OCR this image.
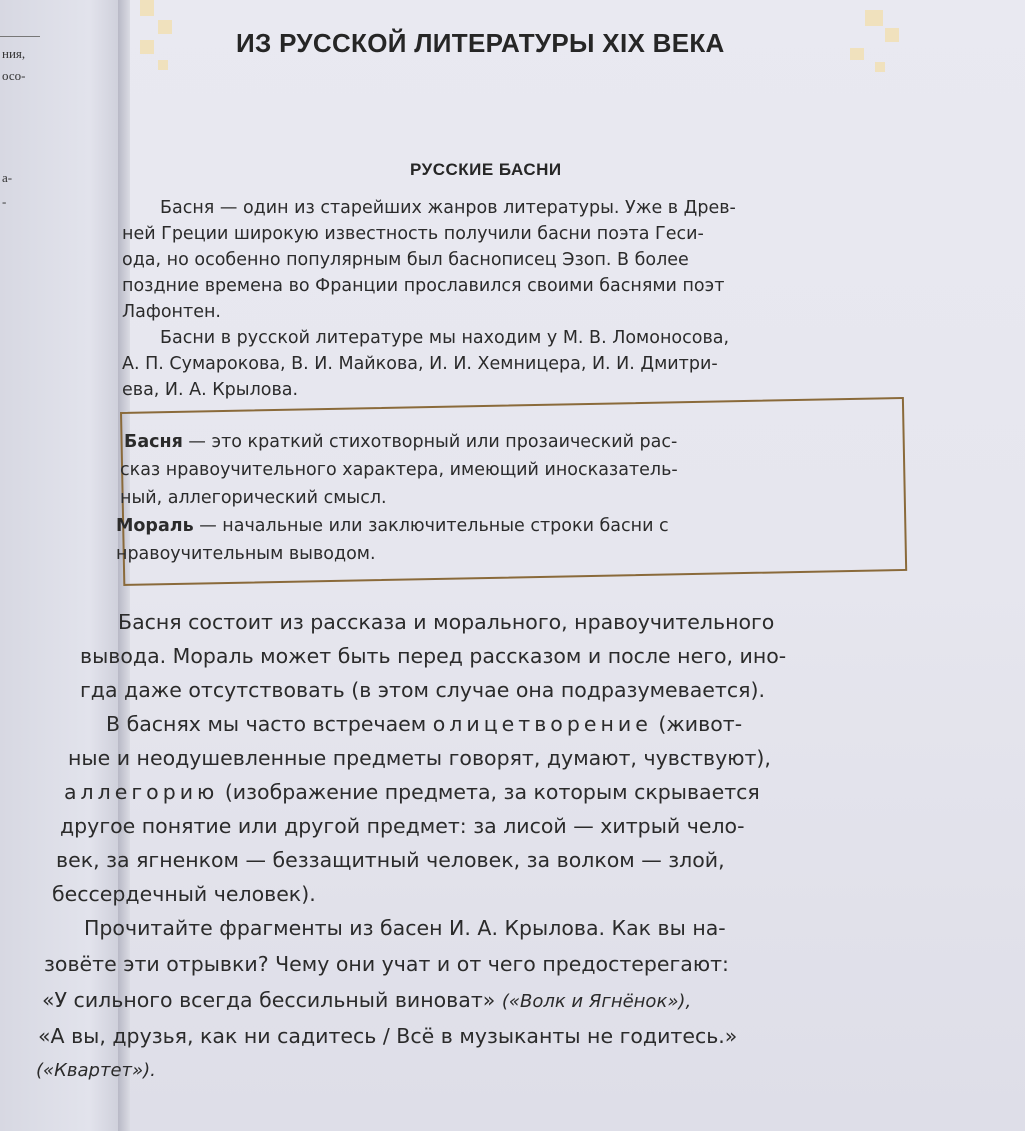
ния,
осо-
а-
-
ИЗ РУССКОЙ ЛИТЕРАТУРЫ XIX ВЕКА
РУССКИЕ БАСНИ
Басня — один из старейших жанров литературы. Уже в Древ-
ней Греции широкую известность получили басни поэта Геси-
ода, но особенно популярным был баснописец Эзоп. В более
поздние времена во Франции прославился своими баснями поэт
Лафонтен.
Басни в русской литературе мы находим у М. В. Ломоносова,
А. П. Сумарокова, В. И. Майкова, И. И. Хемницера, И. И. Дмитри-
ева, И. А. Крылова.
Басня — это краткий стихотворный или прозаический рас-
сказ нравоучительного характера, имеющий иносказатель-
ный, аллегорический смысл.
Мораль — начальные или заключительные строки басни с
нравоучительным выводом.
Басня состоит из рассказа и морального, нравоучительного
вывода. Мораль может быть перед рассказом и после него, ино-
гда даже отсутствовать (в этом случае она подразумевается).
В баснях мы часто встречаем олицетворение (живот-
ные и неодушевленные предметы говорят, думают, чувствуют),
аллегорию (изображение предмета, за которым скрывается
другое понятие или другой предмет: за лисой — хитрый чело-
век, за ягненком — беззащитный человек, за волком — злой,
бессердечный человек).
Прочитайте фрагменты из басен И. А. Крылова. Как вы на-
зовёте эти отрывки? Чему они учат и от чего предостерегают:
«У сильного всегда бессильный виноват» («Волк и Ягнёнок»),
«А вы, друзья, как ни садитесь / Всё в музыканты не годитесь.»
(«Квартет»).
